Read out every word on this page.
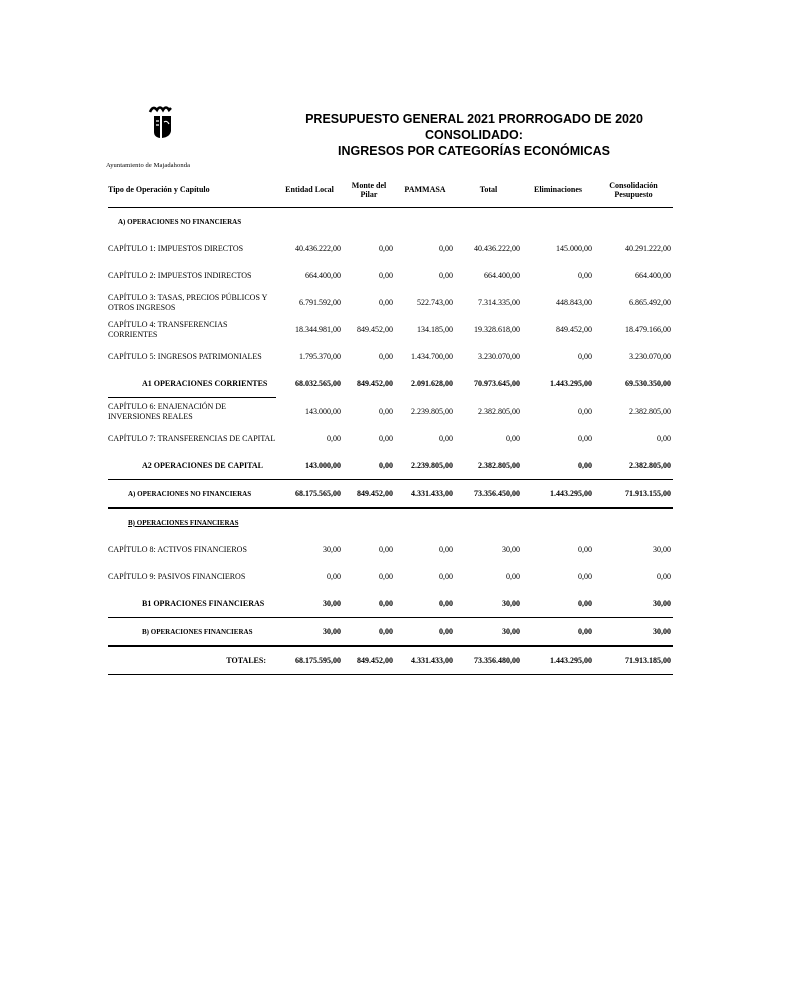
Ayuntamiento de Majadahonda
PRESUPUESTO GENERAL 2021 PRORROGADO DE 2020
CONSOLIDADO:
INGRESOS POR CATEGORÍAS ECONÓMICAS
Tipo de Operación y Capítulo	Entidad Local	Monte del Pilar	PAMMASA	Total	Eliminaciones	Consolidación Pesupuesto
A) OPERACIONES NO FINANCIERAS						
CAPÍTULO 1: IMPUESTOS DIRECTOS	40.436.222,00	0,00	0,00	40.436.222,00	145.000,00	40.291.222,00
CAPÍTULO 2: IMPUESTOS INDIRECTOS	664.400,00	0,00	0,00	664.400,00	0,00	664.400,00
CAPÍTULO 3: TASAS, PRECIOS PÚBLICOS Y OTROS INGRESOS	6.791.592,00	0,00	522.743,00	7.314.335,00	448.843,00	6.865.492,00
CAPÍTULO 4: TRANSFERENCIAS CORRIENTES	18.344.981,00	849.452,00	134.185,00	19.328.618,00	849.452,00	18.479.166,00
CAPÍTULO 5: INGRESOS PATRIMONIALES	1.795.370,00	0,00	1.434.700,00	3.230.070,00	0,00	3.230.070,00
A1 OPERACIONES CORRIENTES	68.032.565,00	849.452,00	2.091.628,00	70.973.645,00	1.443.295,00	69.530.350,00
CAPÍTULO 6: ENAJENACIÓN DE INVERSIONES REALES	143.000,00	0,00	2.239.805,00	2.382.805,00	0,00	2.382.805,00
CAPÍTULO 7: TRANSFERENCIAS DE CAPITAL	0,00	0,00	0,00	0,00	0,00	0,00
A2 OPERACIONES DE CAPITAL	143.000,00	0,00	2.239.805,00	2.382.805,00	0,00	2.382.805,00
A) OPERACIONES NO FINANCIERAS	68.175.565,00	849.452,00	4.331.433,00	73.356.450,00	1.443.295,00	71.913.155,00
B) OPERACIONES FINANCIERAS						
CAPÍTULO 8: ACTIVOS FINANCIEROS	30,00	0,00	0,00	30,00	0,00	30,00
CAPÍTULO 9: PASIVOS FINANCIEROS	0,00	0,00	0,00	0,00	0,00	0,00
B1 OPRACIONES FINANCIERAS	30,00	0,00	0,00	30,00	0,00	30,00
B) OPERACIONES FINANCIERAS	30,00	0,00	0,00	30,00	0,00	30,00
TOTALES:	68.175.595,00	849.452,00	4.331.433,00	73.356.480,00	1.443.295,00	71.913.185,00
